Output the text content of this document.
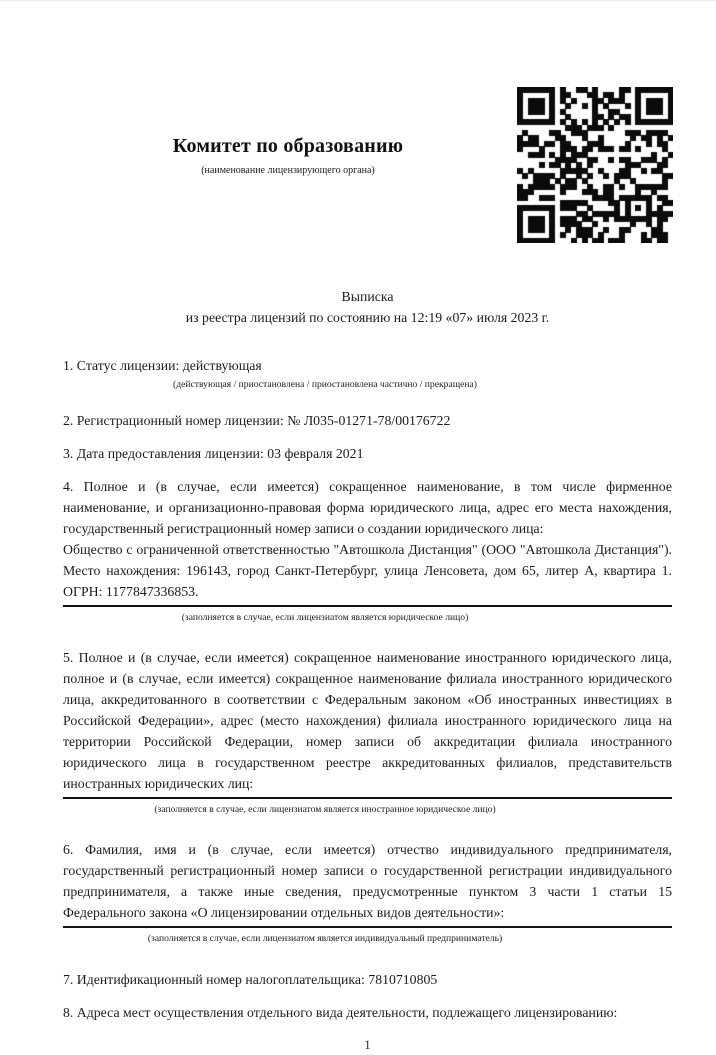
Комитет по образованию
(наименование лицензирующего органа)
Выписка
из реестра лицензий по состоянию на 12:19 «07» июля 2023 г.

1. Статус лицензии: действующая

(действующая / приостановлена / приостановлена частично / прекращена)

2. Регистрационный номер лицензии: № Л035-01271-78/00176722

3. Дата предоставления лицензии: 03 февраля 2021

4. Полное и (в случае, если имеется) сокращенное наименование, в том числе фирменное наименование, и организационно-правовая форма юридического лица, адрес его места нахождения, государственный регистрационный номер записи о создании юридического лица:

Общество с ограниченной ответственностью "Автошкола Дистанция" (ООО "Автошкола Дистанция"). Место нахождения: 196143, город Санкт-Петербург, улица Ленсовета, дом 65, литер А, квартира 1. ОГРН: 1177847336853.

(заполняется в случае, если лицензиатом является юридическое лицо)

5. Полное и (в случае, если имеется) сокращенное наименование иностранного юридического лица, полное и (в случае, если имеется) сокращенное наименование филиала иностранного юридического лица, аккредитованного в соответствии с Федеральным законом «Об иностранных инвестициях в Российской Федерации», адрес (место нахождения) филиала иностранного юридического лица на территории Российской Федерации, номер записи об аккредитации филиала иностранного юридического лица в государственном реестре аккредитованных филиалов, представительств иностранных юридических лиц:

(заполняется в случае, если лицензиатом является иностранное юридическое лицо)

6. Фамилия, имя и (в случае, если имеется) отчество индивидуального предпринимателя, государственный регистрационный номер записи о государственной регистрации индивидуального предпринимателя, а также иные сведения, предусмотренные пунктом 3 части 1 статьи 15 Федерального закона «О лицензировании отдельных видов деятельности»:

(заполняется в случае, если лицензиатом является индивидуальный предприниматель)

7. Идентификационный номер налогоплательщика: 7810710805

8. Адреса мест осуществления отдельного вида деятельности, подлежащего лицензированию:

1
